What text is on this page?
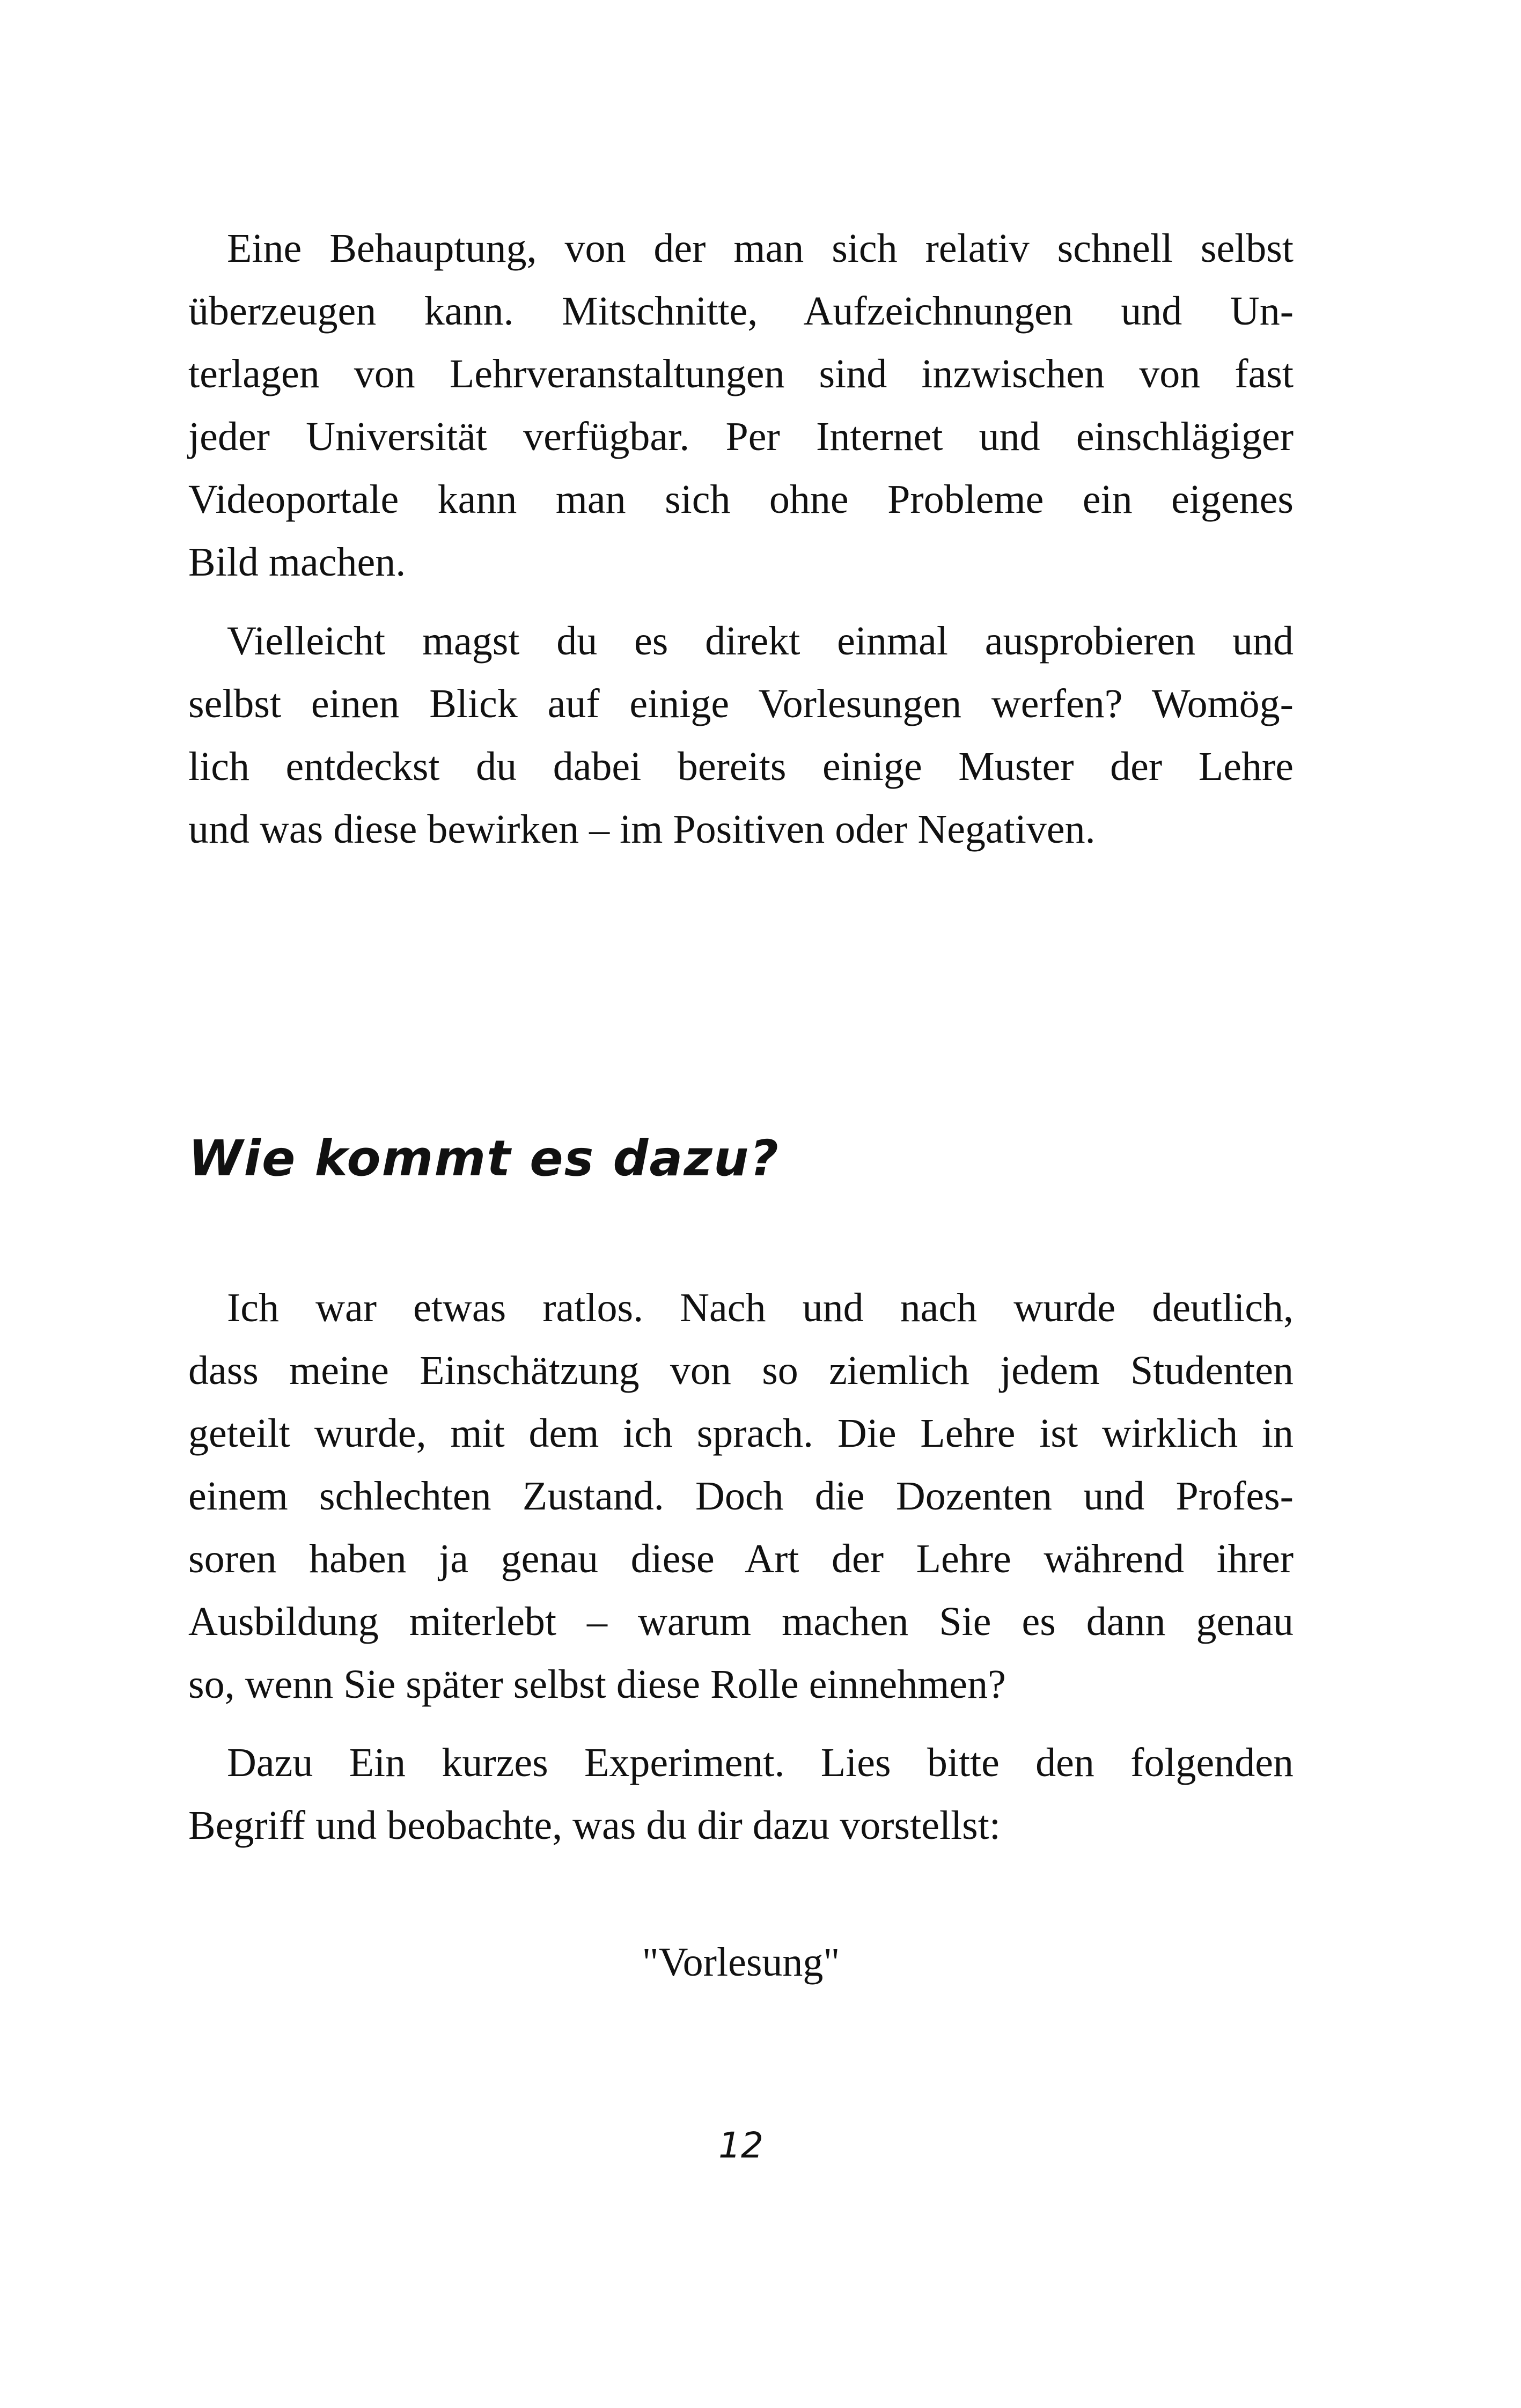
Eine Behauptung, von der man sich relativ schnell selbst
überzeugen kann. Mitschnitte, Aufzeichnungen und Un-
terlagen von Lehrveranstaltungen sind inzwischen von fast
jeder Universität verfügbar. Per Internet und einschlägiger
Videoportale kann man sich ohne Probleme ein eigenes
Bild machen.
Vielleicht magst du es direkt einmal ausprobieren und
selbst einen Blick auf einige Vorlesungen werfen? Womög-
lich entdeckst du dabei bereits einige Muster der Lehre
und was diese bewirken – im Positiven oder Negativen.
Wie kommt es dazu?
Ich war etwas ratlos. Nach und nach wurde deutlich,
dass meine Einschätzung von so ziemlich jedem Studenten
geteilt wurde, mit dem ich sprach. Die Lehre ist wirklich in
einem schlechten Zustand. Doch die Dozenten und Profes-
soren haben ja genau diese Art der Lehre während ihrer
Ausbildung miterlebt – warum machen Sie es dann genau
so, wenn Sie später selbst diese Rolle einnehmen?
Dazu Ein kurzes Experiment. Lies bitte den folgenden
Begriff und beobachte, was du dir dazu vorstellst:
"Vorlesung"
12
